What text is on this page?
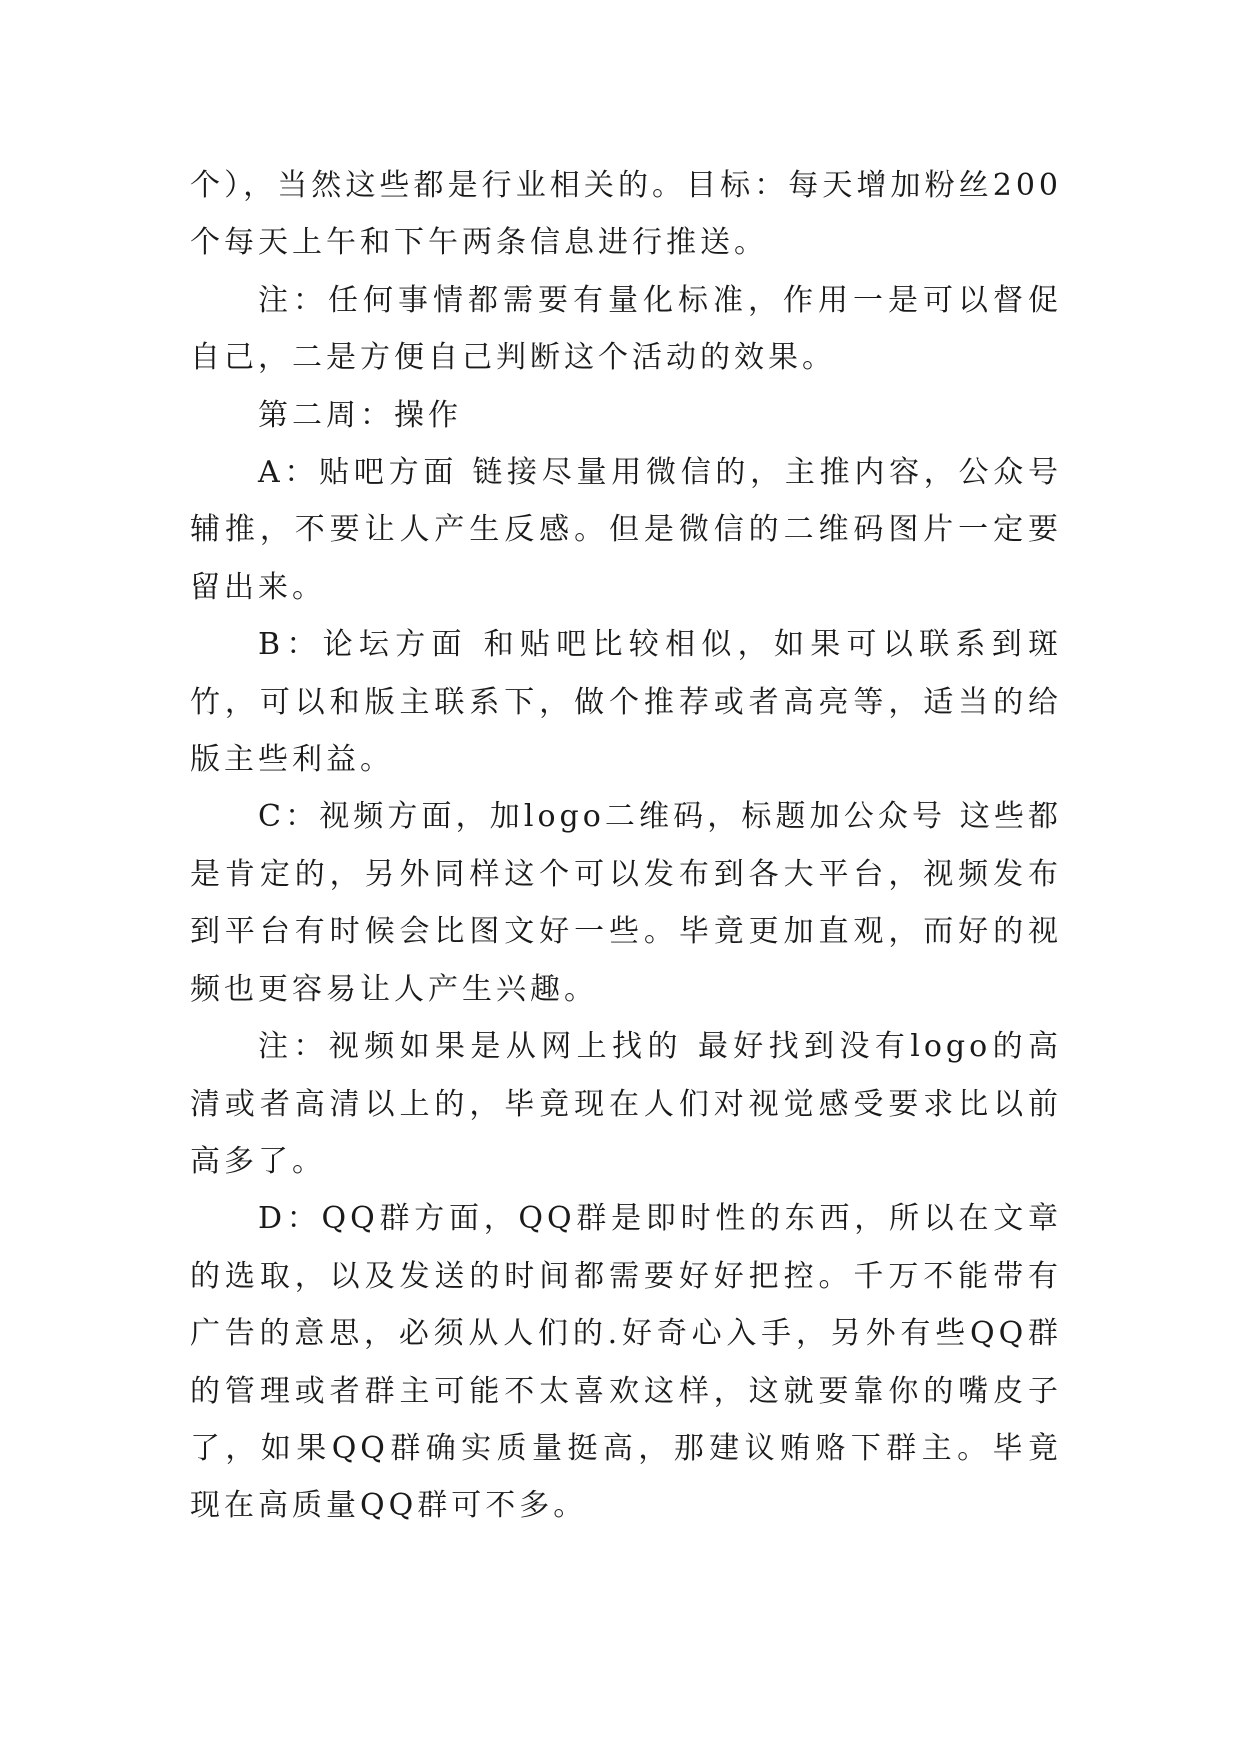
个），当然这些都是行业相关的。目标：每天增加粉丝200个每天上午和下午两条信息进行推送。

注：任何事情都需要有量化标准，作用一是可以督促自己，二是方便自己判断这个活动的效果。

第二周：操作

A：贴吧方面 链接尽量用微信的，主推内容，公众号辅推，不要让人产生反感。但是微信的二维码图片一定要留出来。

B：论坛方面 和贴吧比较相似，如果可以联系到斑竹，可以和版主联系下，做个推荐或者高亮等，适当的给版主些利益。

C：视频方面，加logo二维码，标题加公众号 这些都是肯定的，另外同样这个可以发布到各大平台，视频发布到平台有时候会比图文好一些。毕竟更加直观，而好的视频也更容易让人产生兴趣。

注：视频如果是从网上找的 最好找到没有logo的高清或者高清以上的，毕竟现在人们对视觉感受要求比以前高多了。

D：QQ群方面，QQ群是即时性的东西，所以在文章的选取，以及发送的时间都需要好好把控。千万不能带有广告的意思，必须从人们的.好奇心入手，另外有些QQ群的管理或者群主可能不太喜欢这样，这就要靠你的嘴皮子了，如果QQ群确实质量挺高，那建议贿赂下群主。毕竟现在高质量QQ群可不多。
